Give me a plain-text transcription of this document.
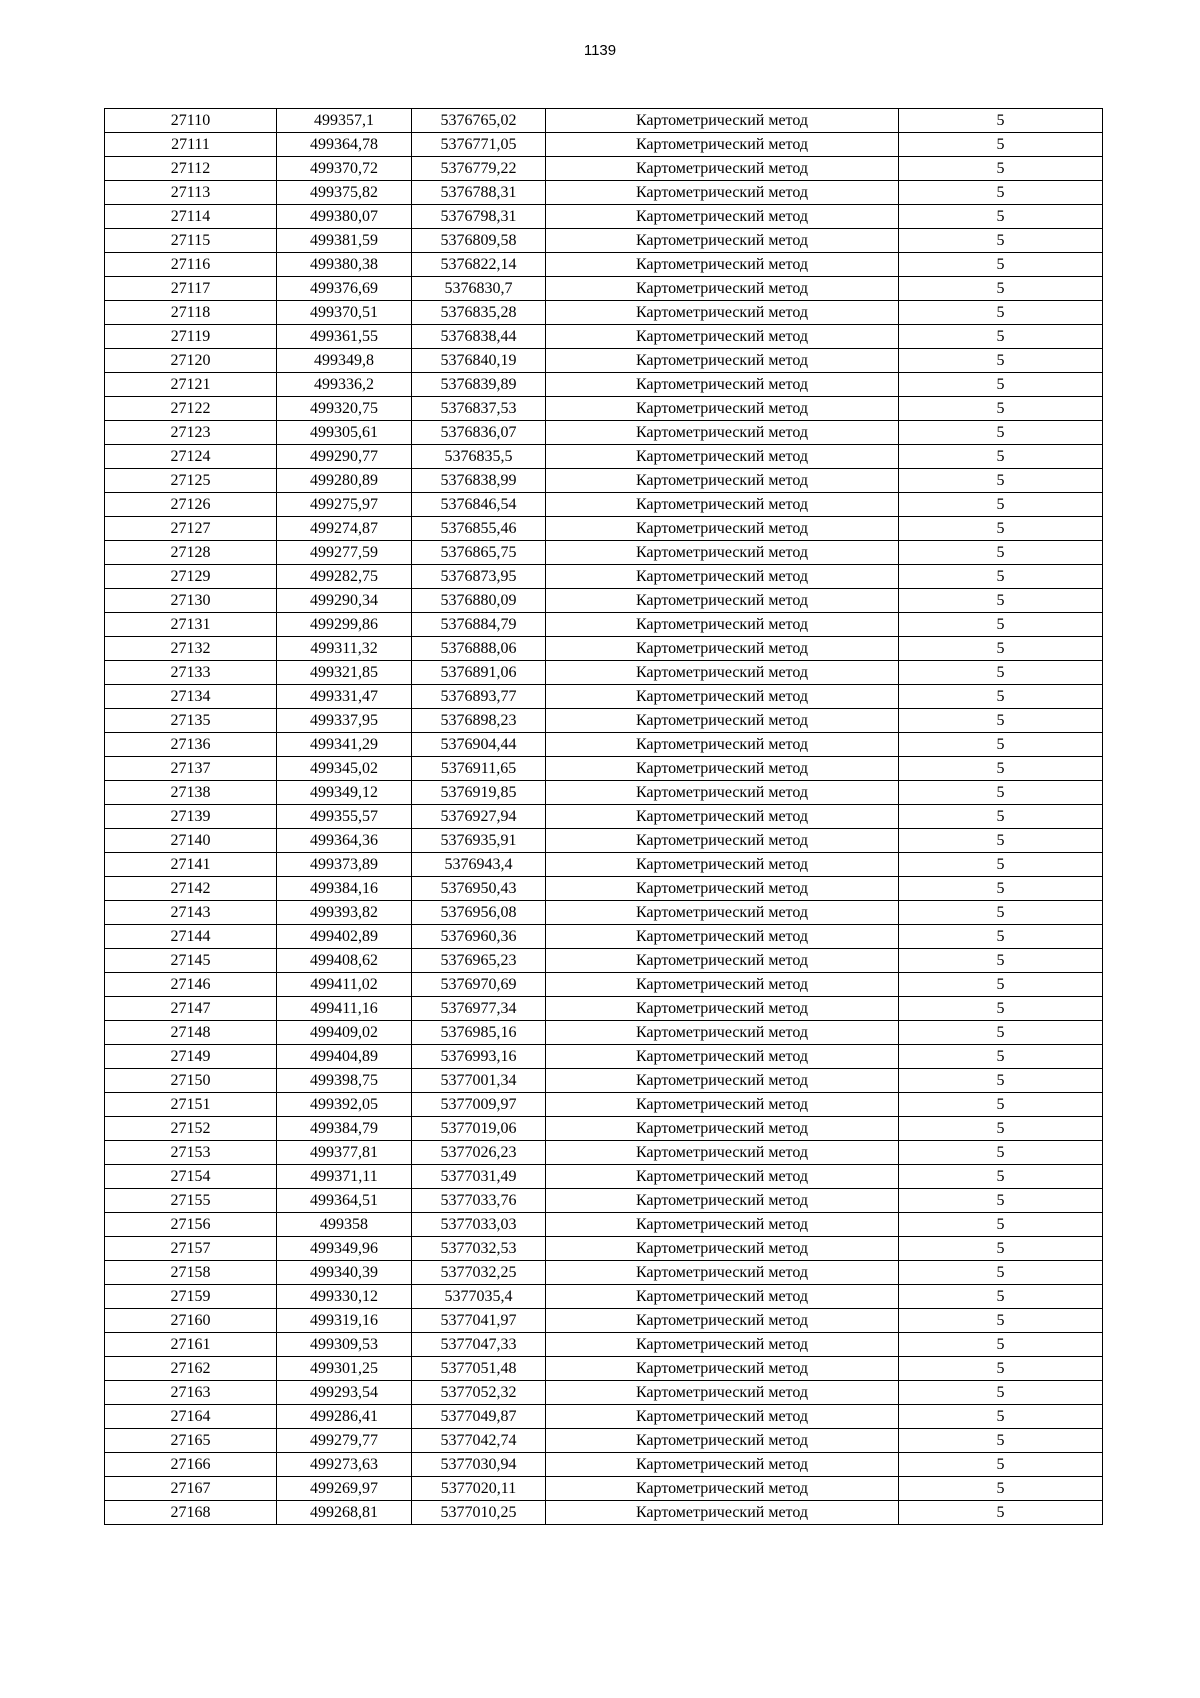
1139
27110	499357,1	5376765,02	Картометрический метод	5
27111	499364,78	5376771,05	Картометрический метод	5
27112	499370,72	5376779,22	Картометрический метод	5
27113	499375,82	5376788,31	Картометрический метод	5
27114	499380,07	5376798,31	Картометрический метод	5
27115	499381,59	5376809,58	Картометрический метод	5
27116	499380,38	5376822,14	Картометрический метод	5
27117	499376,69	5376830,7	Картометрический метод	5
27118	499370,51	5376835,28	Картометрический метод	5
27119	499361,55	5376838,44	Картометрический метод	5
27120	499349,8	5376840,19	Картометрический метод	5
27121	499336,2	5376839,89	Картометрический метод	5
27122	499320,75	5376837,53	Картометрический метод	5
27123	499305,61	5376836,07	Картометрический метод	5
27124	499290,77	5376835,5	Картометрический метод	5
27125	499280,89	5376838,99	Картометрический метод	5
27126	499275,97	5376846,54	Картометрический метод	5
27127	499274,87	5376855,46	Картометрический метод	5
27128	499277,59	5376865,75	Картометрический метод	5
27129	499282,75	5376873,95	Картометрический метод	5
27130	499290,34	5376880,09	Картометрический метод	5
27131	499299,86	5376884,79	Картометрический метод	5
27132	499311,32	5376888,06	Картометрический метод	5
27133	499321,85	5376891,06	Картометрический метод	5
27134	499331,47	5376893,77	Картометрический метод	5
27135	499337,95	5376898,23	Картометрический метод	5
27136	499341,29	5376904,44	Картометрический метод	5
27137	499345,02	5376911,65	Картометрический метод	5
27138	499349,12	5376919,85	Картометрический метод	5
27139	499355,57	5376927,94	Картометрический метод	5
27140	499364,36	5376935,91	Картометрический метод	5
27141	499373,89	5376943,4	Картометрический метод	5
27142	499384,16	5376950,43	Картометрический метод	5
27143	499393,82	5376956,08	Картометрический метод	5
27144	499402,89	5376960,36	Картометрический метод	5
27145	499408,62	5376965,23	Картометрический метод	5
27146	499411,02	5376970,69	Картометрический метод	5
27147	499411,16	5376977,34	Картометрический метод	5
27148	499409,02	5376985,16	Картометрический метод	5
27149	499404,89	5376993,16	Картометрический метод	5
27150	499398,75	5377001,34	Картометрический метод	5
27151	499392,05	5377009,97	Картометрический метод	5
27152	499384,79	5377019,06	Картометрический метод	5
27153	499377,81	5377026,23	Картометрический метод	5
27154	499371,11	5377031,49	Картометрический метод	5
27155	499364,51	5377033,76	Картометрический метод	5
27156	499358	5377033,03	Картометрический метод	5
27157	499349,96	5377032,53	Картометрический метод	5
27158	499340,39	5377032,25	Картометрический метод	5
27159	499330,12	5377035,4	Картометрический метод	5
27160	499319,16	5377041,97	Картометрический метод	5
27161	499309,53	5377047,33	Картометрический метод	5
27162	499301,25	5377051,48	Картометрический метод	5
27163	499293,54	5377052,32	Картометрический метод	5
27164	499286,41	5377049,87	Картометрический метод	5
27165	499279,77	5377042,74	Картометрический метод	5
27166	499273,63	5377030,94	Картометрический метод	5
27167	499269,97	5377020,11	Картометрический метод	5
27168	499268,81	5377010,25	Картометрический метод	5
